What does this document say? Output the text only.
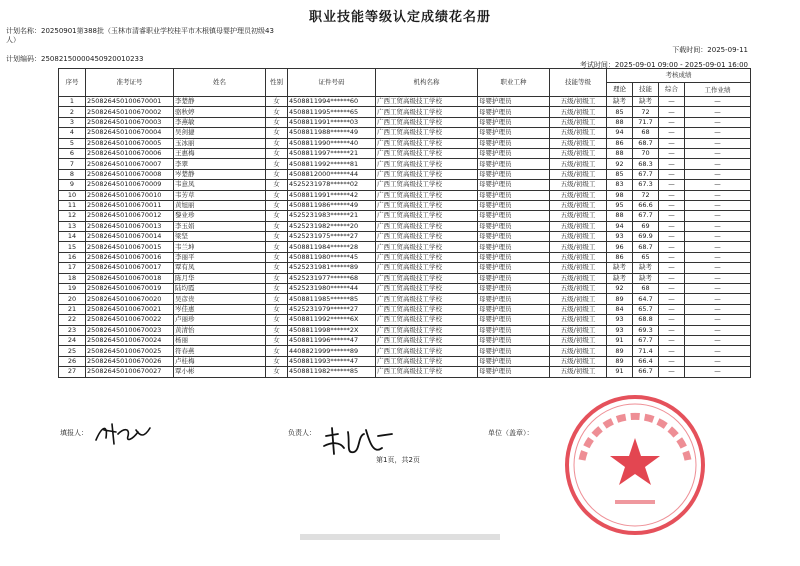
职业技能等级认定成绩花名册
计划名称：20250901第388批（玉林市清睿职业学校桂平市木根镇母婴护理员初级43
人）
下载时间：2025-09-11
计划编码：25082150000450920010233
考试时间：2025-09-01 09:00 - 2025-09-01 16:00
序号	准考证号	姓名	性别	证件号码	机构名称	职业工种	技能等级	考核成绩			
								理论	技能	综合	工作业绩
1	250826450100670001	李楚静	女	4508811994******60	广西工贸高级技工学校	母婴护理员	五级/初级工	缺考	缺考	—	—
2	250826450100670002	骆秋婷	女	4508811995******65	广西工贸高级技工学校	母婴护理员	五级/初级工	85	72	—	—
3	250826450100670003	李燕敏	女	4508811991******03	广西工贸高级技工学校	母婴护理员	五级/初级工	88	71.7	—	—
4	250826450100670004	吴剑捷	女	4508811988******49	广西工贸高级技工学校	母婴护理员	五级/初级工	94	68	—	—
5	250826450100670005	玉冰丽	女	4508811990******40	广西工贸高级技工学校	母婴护理员	五级/初级工	86	68.7	—	—
6	250826450100670006	王惠梅	女	4508811997******21	广西工贸高级技工学校	母婴护理员	五级/初级工	88	70	—	—
7	250826450100670007	李翠	女	4508811992******81	广西工贸高级技工学校	母婴护理员	五级/初级工	92	68.3	—	—
8	250826450100670008	岑楚静	女	4508812000******44	广西工贸高级技工学校	母婴护理员	五级/初级工	85	67.7	—	—
9	250826450100670009	韦意凤	女	4525231978******02	广西工贸高级技工学校	母婴护理员	五级/初级工	83	67.3	—	—
10	250826450100670010	韦芳草	女	4508811991******42	广西工贸高级技工学校	母婴护理员	五级/初级工	98	72	—	—
11	250826450100670011	黄旭丽	女	4508811986******49	广西工贸高级技工学校	母婴护理员	五级/初级工	95	66.6	—	—
12	250826450100670012	黎业珍	女	4525231983******21	广西工贸高级技工学校	母婴护理员	五级/初级工	88	67.7	—	—
13	250826450100670013	李玉娟	女	4525231982******20	广西工贸高级技工学校	母婴护理员	五级/初级工	94	69	—	—
14	250826450100670014	梁坚	女	4525231975******27	广西工贸高级技工学校	母婴护理员	五级/初级工	93	69.9	—	—
15	250826450100670015	韦兰坤	女	4508811984******28	广西工贸高级技工学校	母婴护理员	五级/初级工	96	68.7	—	—
16	250826450100670016	李丽平	女	4508811980******45	广西工贸高级技工学校	母婴护理员	五级/初级工	86	65	—	—
17	250826450100670017	覃有凤	女	4525231981******89	广西工贸高级技工学校	母婴护理员	五级/初级工	缺考	缺考	—	—
18	250826450100670018	陈月华	女	4525231977******68	广西工贸高级技工学校	母婴护理员	五级/初级工	缺考	缺考	—	—
19	250826450100670019	陆均霞	女	4525231980******44	广西工贸高级技工学校	母婴护理员	五级/初级工	92	68	—	—
20	250826450100670020	吴彦贵	女	4508811985******85	广西工贸高级技工学校	母婴护理员	五级/初级工	89	64.7	—	—
21	250826450100670021	岑佳惠	女	4525231979******27	广西工贸高级技工学校	母婴护理员	五级/初级工	84	65.7	—	—
22	250826450100670022	卢丽珍	女	4508811992******6X	广西工贸高级技工学校	母婴护理员	五级/初级工	93	68.8	—	—
23	250826450100670023	黄清怡	女	4508811998******2X	广西工贸高级技工学校	母婴护理员	五级/初级工	93	69.3	—	—
24	250826450100670024	杨丽	女	4508811996******47	广西工贸高级技工学校	母婴护理员	五级/初级工	91	67.7	—	—
25	250826450100670025	符春燕	女	4408821999******89	广西工贸高级技工学校	母婴护理员	五级/初级工	89	71.4	—	—
26	250826450100670026	卢桂梅	女	4508811993******47	广西工贸高级技工学校	母婴护理员	五级/初级工	89	66.4	—	—
27	250826450100670027	覃小彬	女	4508811982******85	广西工贸高级技工学校	母婴护理员	五级/初级工	91	66.7	—	—
填报人：	负责人：
第1页，共2页
单位（盖章）：
